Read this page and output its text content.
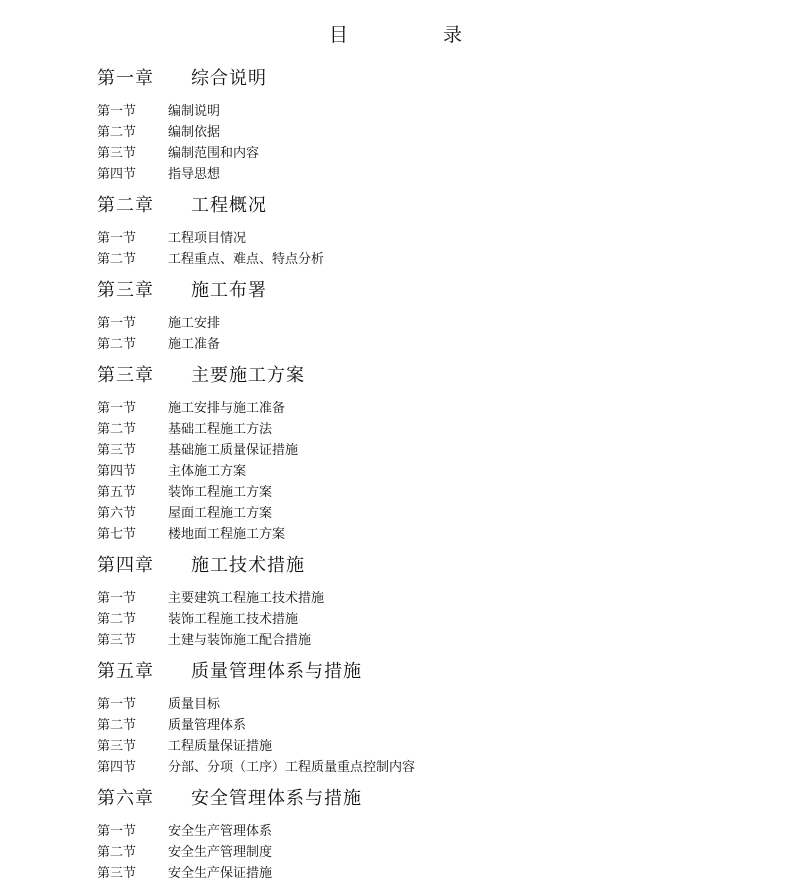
目　录
第一章	综合说明
第一节	编制说明
第二节	编制依据
第三节	编制范围和内容
第四节	指导思想
第二章	工程概况
第一节	工程项目情况
第二节	工程重点、难点、特点分析
第三章	施工布署
第一节	施工安排
第二节	施工准备
第三章	主要施工方案
第一节	施工安排与施工准备
第二节	基础工程施工方法
第三节	基础施工质量保证措施
第四节	主体施工方案
第五节	装饰工程施工方案
第六节	屋面工程施工方案
第七节	楼地面工程施工方案
第四章	施工技术措施
第一节	主要建筑工程施工技术措施
第二节	装饰工程施工技术措施
第三节	土建与装饰施工配合措施
第五章	质量管理体系与措施
第一节	质量目标
第二节	质量管理体系
第三节	工程质量保证措施
第四节	分部、分项（工序）工程质量重点控制内容
第六章	安全管理体系与措施
第一节	安全生产管理体系
第二节	安全生产管理制度
第三节	安全生产保证措施
